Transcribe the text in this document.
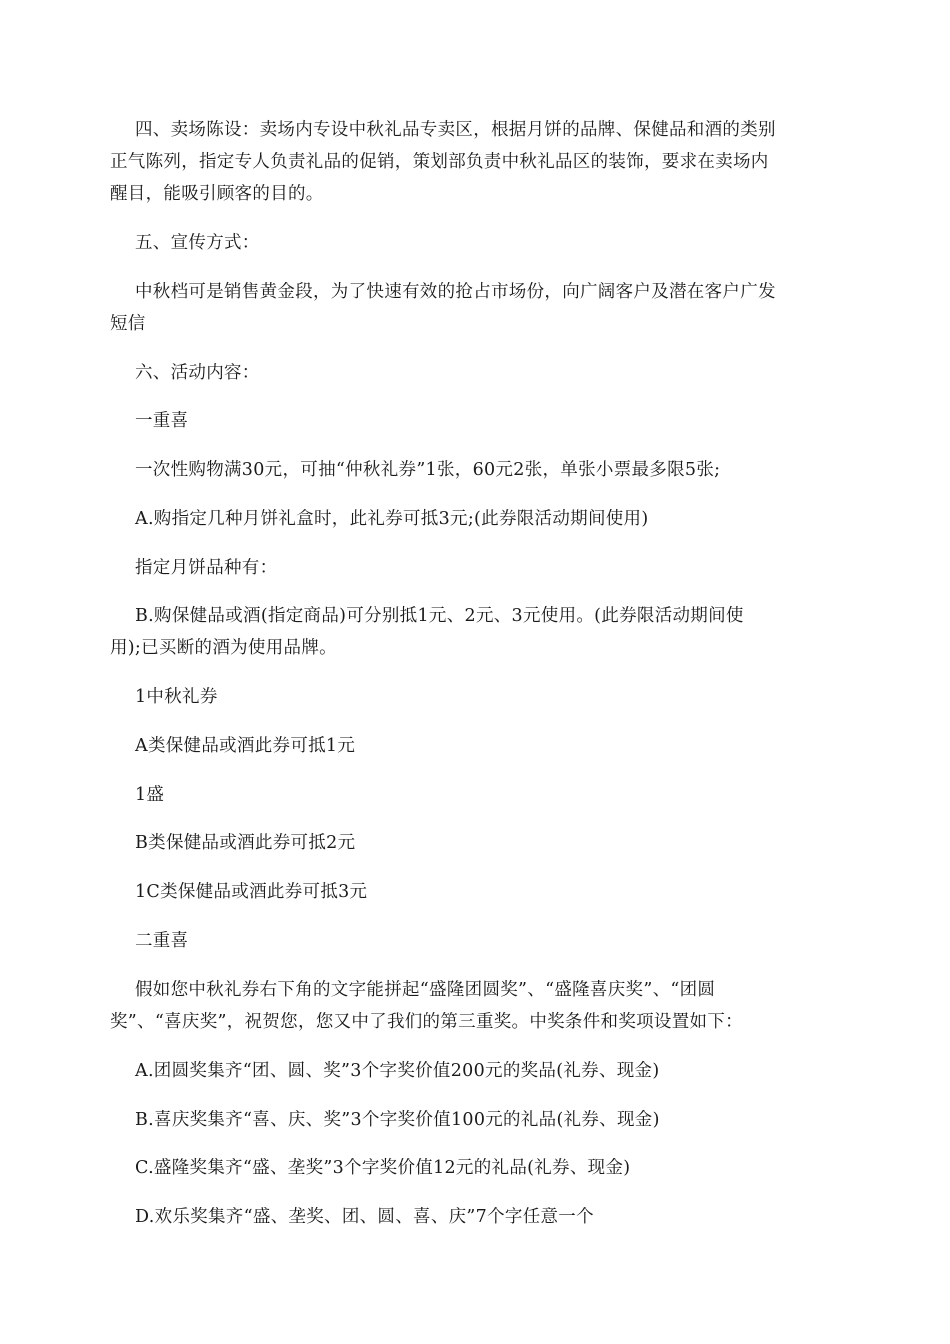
四、卖场陈设：卖场内专设中秋礼品专卖区，根据月饼的品牌、保健品和酒的类别
正气陈列，指定专人负责礼品的促销，策划部负责中秋礼品区的装饰，要求在卖场内
醒目，能吸引顾客的目的。
五、宣传方式：
中秋档可是销售黄金段，为了快速有效的抢占市场份，向广阔客户及潜在客户广发
短信
六、活动内容：
一重喜
一次性购物满30元，可抽“仲秋礼券”1张，60元2张，单张小票最多限5张;
A.购指定几种月饼礼盒时，此礼券可抵3元;(此券限活动期间使用)
指定月饼品种有：
B.购保健品或酒(指定商品)可分别抵1元、2元、3元使用。(此券限活动期间使
用);已买断的酒为使用品牌。
1中秋礼券
A类保健品或酒此券可抵1元
1盛
B类保健品或酒此券可抵2元
1C类保健品或酒此券可抵3元
二重喜
假如您中秋礼券右下角的文字能拼起“盛隆团圆奖”、“盛隆喜庆奖”、“团圆
奖”、“喜庆奖”，祝贺您，您又中了我们的第三重奖。中奖条件和奖项设置如下：
A.团圆奖集齐“团、圆、奖”3个字奖价值200元的奖品(礼券、现金)
B.喜庆奖集齐“喜、庆、奖”3个字奖价值100元的礼品(礼券、现金)
C.盛隆奖集齐“盛、垄奖”3个字奖价值12元的礼品(礼券、现金)
D.欢乐奖集齐“盛、垄奖、团、圆、喜、庆”7个字任意一个
